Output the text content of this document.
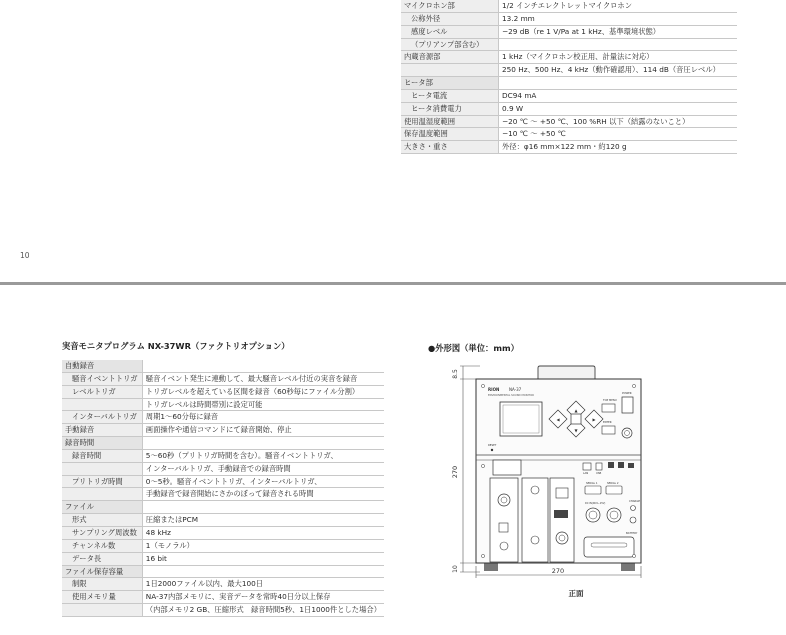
マイクロホン部	1/2 インチエレクトレットマイクロホン
公称外径	13.2 mm
感度レベル	−29 dB（re 1 V/Pa at 1 kHz、基準環境状態）
（プリアンプ部含む）	
内蔵音源部	1 kHz（マイクロホン校正用、計量法に対応）
	250 Hz、500 Hz、4 kHz（動作確認用）、114 dB（音圧レベル）
ヒータ部	
ヒータ電流	DC94 mA
ヒータ消費電力	0.9 W
使用温湿度範囲	−20 ℃ ～ +50 ℃、100 %RH 以下（結露のないこと）
保存温度範囲	−10 ℃ ～ +50 ℃
大きさ・重さ	外径：φ16 mm×122 mm・約120 g
10
実音モニタプログラム NX-37WR（ファクトリオプション）
自動録音	
騒音イベントトリガ	騒音イベント発生に連動して、最大騒音レベル付近の実音を録音
レベルトリガ	トリガレベルを超えている区間を録音（60秒毎にファイル分割）
	トリガレベルは時間帯別に設定可能
インターバルトリガ	周期1～60分毎に録音
手動録音	画面操作や通信コマンドにて録音開始、停止
録音時間	
録音時間	5～60秒（プリトリガ時間を含む）。騒音イベントトリガ、
	インターバルトリガ、手動録音での録音時間
プリトリガ時間	0～5秒。騒音イベントトリガ、インターバルトリガ、
	手動録音で録音開始にさかのぼって録音される時間
ファイル	
形式	圧縮またはPCM
サンプリング周波数	48 kHz
チャンネル数	1（モノラル）
データ長	16 bit
ファイル保存容量	
制限	1日2000ファイル以内、最大100日
使用メモリ量	NA-37内部メモリに、実音データを常時40日分以上保存
	（内部メモリ2 GB、圧縮形式　録音時間5秒、1日1000件とした場合）
●外形図（単位：mm）
8.5
270
10	270
RION NA-37
ENVIRONMENTAL SOUND MONITOR
▲
▼
◀	▶
TOP MENU
ENTER
POWER
RESET
LAN	USB
SERIAL 1	SERIAL 2
DC IN(DC9~15V)
CHARGE
BATTERY
正面
